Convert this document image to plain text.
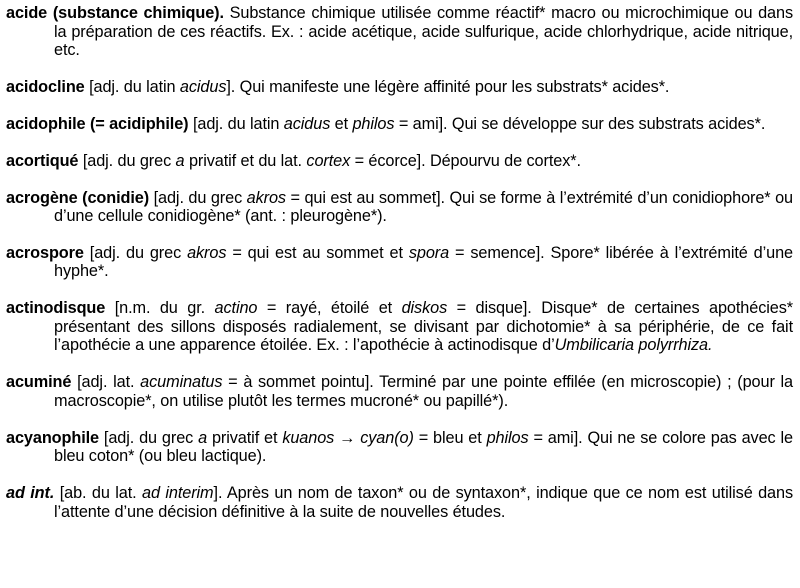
acide (substance chimique). Substance chimique utilisée comme réactif* macro ou microchimique ou dans la préparation de ces réactifs. Ex. : acide acétique, acide sulfurique, acide chlorhydrique, acide nitrique, etc.

acidocline [adj. du latin acidus]. Qui manifeste une légère affinité pour les substrats* acides*.

acidophile (= acidiphile) [adj. du latin acidus et philos = ami]. Qui se développe sur des substrats acides*.

acortiqué [adj. du grec a privatif et du lat. cortex = écorce]. Dépourvu de cortex*.

acrogène (conidie) [adj. du grec akros = qui est au sommet]. Qui se forme à l’extrémité d’un conidiophore* ou d’une cellule conidiogène* (ant. : pleurogène*).

acrospore [adj. du grec akros = qui est au sommet et spora = semence]. Spore* libérée à l’extrémité d’une hyphe*.

actinodisque [n.m. du gr. actino = rayé, étoilé et diskos = disque]. Disque* de certaines apothécies* présentant des sillons disposés radialement, se divisant par dichotomie* à sa périphérie, de ce fait l’apothécie a une apparence étoilée. Ex. : l’apothécie à actinodisque d’Umbilicaria polyrrhiza.

acuminé [adj. lat. acuminatus = à sommet pointu]. Terminé par une pointe effilée (en microscopie) ; (pour la macroscopie*, on utilise plutôt les termes mucroné* ou papillé*).

acyanophile [adj. du grec a privatif et kuanos → cyan(o) = bleu et philos = ami]. Qui ne se colore pas avec le bleu coton* (ou bleu lactique).

ad int. [ab. du lat. ad interim]. Après un nom de taxon* ou de syntaxon*, indique que ce nom est utilisé dans l’attente d’une décision définitive à la suite de nouvelles études.
